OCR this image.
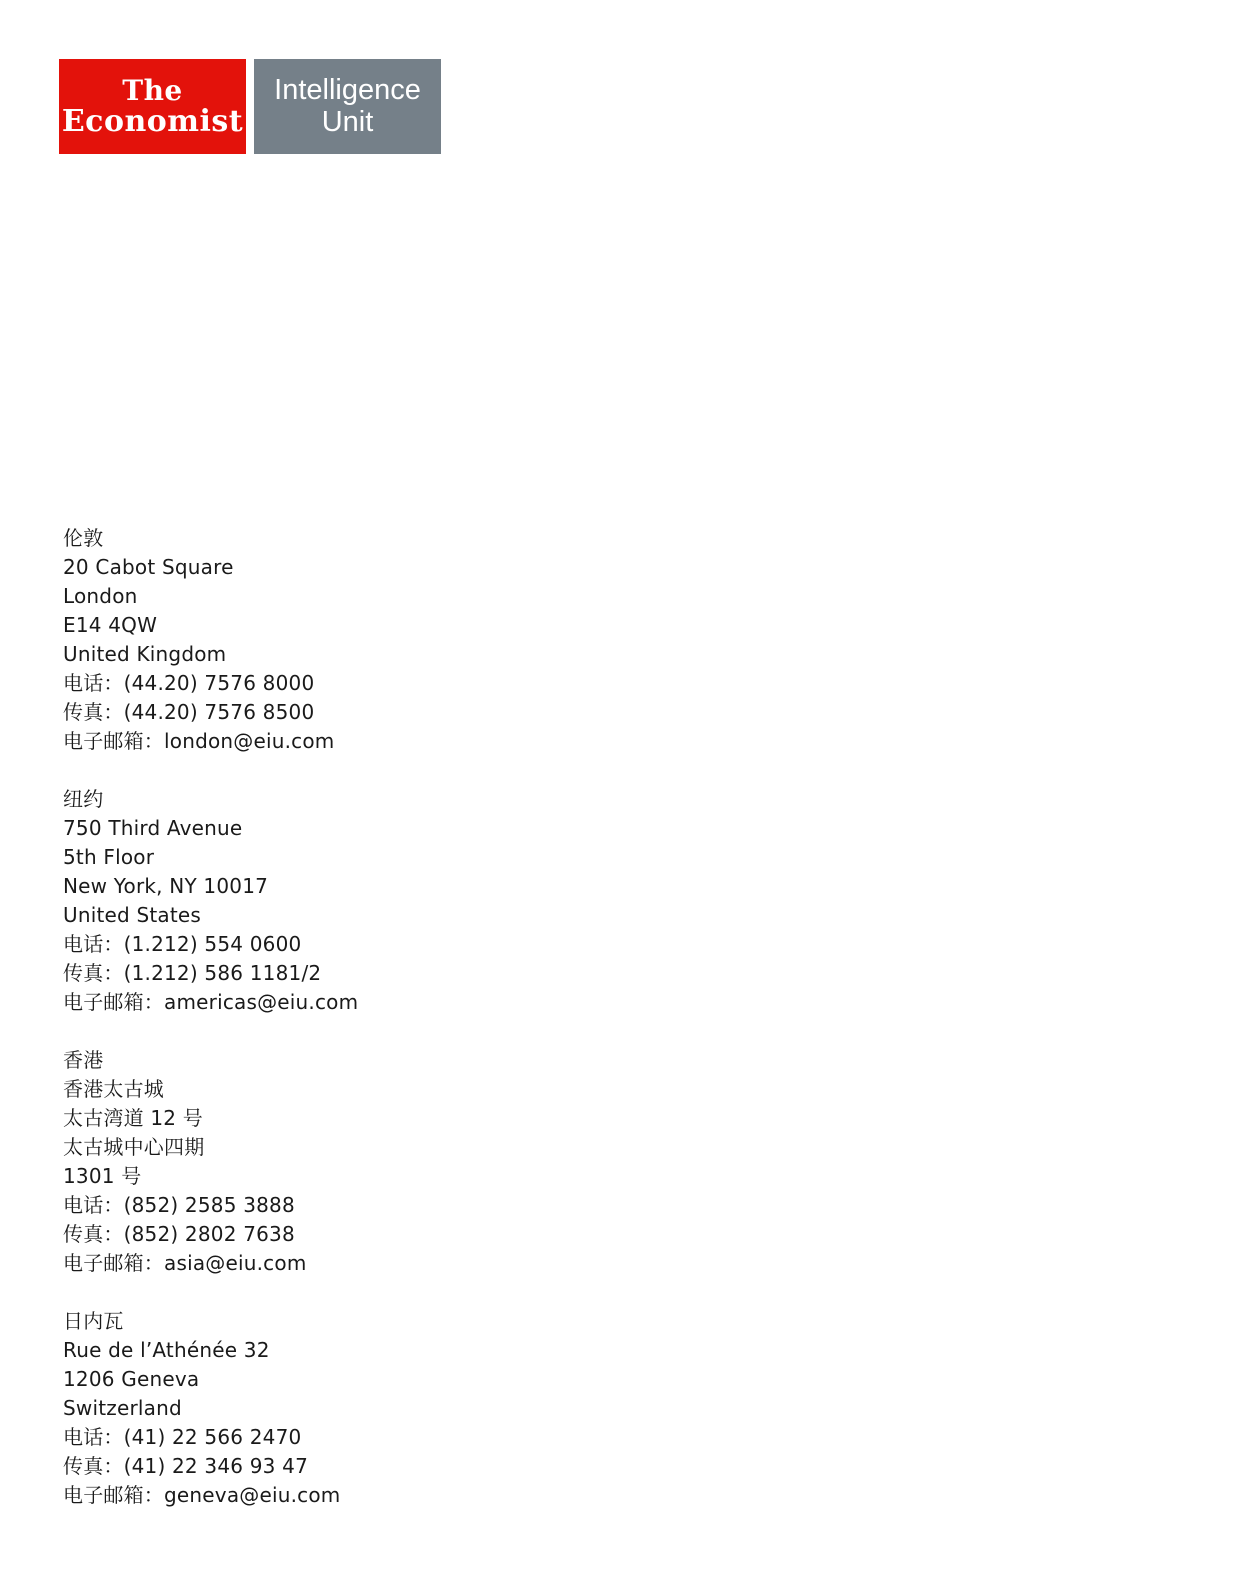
The
Economist
Intelligence
Unit
伦敦
20 Cabot Square
London
E14 4QW
United Kingdom
电话：(44.20) 7576 8000
传真：(44.20) 7576 8500
电子邮箱：london@eiu.com
纽约
750 Third Avenue
5th Floor
New York, NY 10017
United States
电话：(1.212) 554 0600
传真：(1.212) 586 1181/2
电子邮箱：americas@eiu.com
香港
香港太古城
太古湾道 12 号
太古城中心四期
1301 号
电话：(852) 2585 3888
传真：(852) 2802 7638
电子邮箱：asia@eiu.com
日内瓦
Rue de l’Athénée 32
1206 Geneva
Switzerland
电话：(41) 22 566 2470
传真：(41) 22 346 93 47
电子邮箱：geneva@eiu.com
